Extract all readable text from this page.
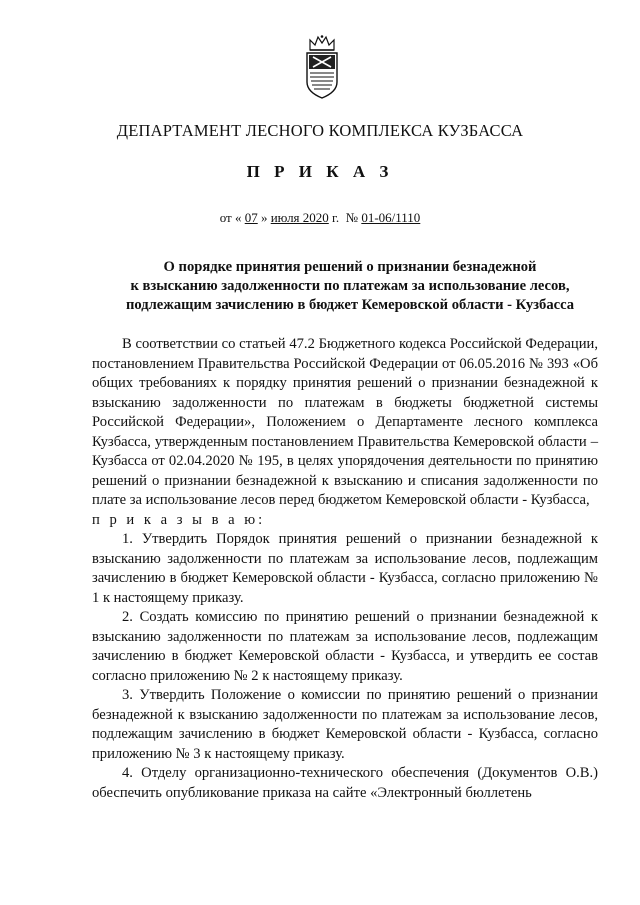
ДЕПАРТАМЕНТ ЛЕСНОГО КОМПЛЕКСА КУЗБАССА
П Р И К А З
от « 07 » июля 2020 г. № 01-06/1110
О порядке принятия решений о признании безнадежной
к взысканию задолженности по платежам за использование лесов,
подлежащим зачислению в бюджет Кемеровской области - Кузбасса

В соответствии со статьей 47.2 Бюджетного кодекса Российской Федерации, постановлением Правительства Российской Федерации от 06.05.2016 № 393 «Об общих требованиях к порядку принятия решений о признании безнадежной к взысканию задолженности по платежам в бюджеты бюджетной системы Российской Федерации», Положением о Департаменте лесного комплекса Кузбасса, утвержденным постановлением Правительства Кемеровской области – Кузбасса от 02.04.2020 № 195, в целях упорядочения деятельности по принятию решений о признании безнадежной к взысканию и списания задолженности по плате за использование лесов перед бюджетом Кемеровской области - Кузбасса,

п р и к а з ы в а ю:

1. Утвердить Порядок принятия решений о признании безнадежной к взысканию задолженности по платежам за использование лесов, подлежащим зачислению в бюджет Кемеровской области - Кузбасса, согласно приложению № 1 к настоящему приказу.

2. Создать комиссию по принятию решений о признании безнадежной к взысканию задолженности по платежам за использование лесов, подлежащим зачислению в бюджет Кемеровской области - Кузбасса, и утвердить ее состав согласно приложению № 2 к настоящему приказу.

3. Утвердить Положение о комиссии по принятию решений о признании безнадежной к взысканию задолженности по платежам за использование лесов, подлежащим зачислению в бюджет Кемеровской области - Кузбасса, согласно приложению № 3 к настоящему приказу.

4. Отделу организационно-технического обеспечения (Документов О.В.) обеспечить опубликование приказа на сайте «Электронный бюллетень
